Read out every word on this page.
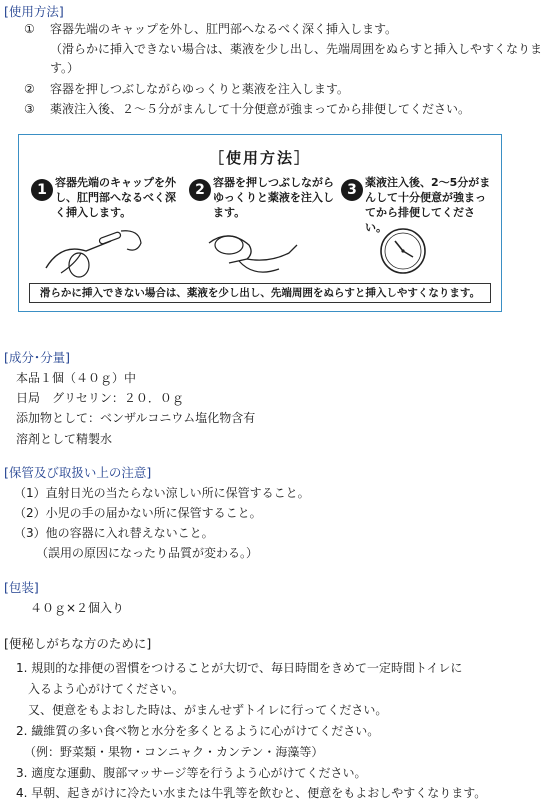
[使用方法]
① 容器先端のキャップを外し、肛門部へなるべく深く挿入します。
（滑らかに挿入できない場合は、薬液を少し出し、先端周囲をぬらすと挿入しやすくなりま
す。）
② 容器を押しつぶしながらゆっくりと薬液を注入します。
③ 薬液注入後、２～５分がまんして十分便意が強まってから排便してください。
［使用方法］
1 容器先端のキャップを外し、肛門部へなるべく深く挿入します。
2 容器を押しつぶしながらゆっくりと薬液を注入します。
3 薬液注入後、2～5分がまんして十分便意が強まってから排便してください。
滑らかに挿入できない場合は、薬液を少し出し、先端周囲をぬらすと挿入しやすくなります。
[成分･分量]
本品１個（４０ｇ）中
日局　グリセリン：２０．０ｇ
添加物として：ベンザルコニウム塩化物含有
溶剤として精製水
[保管及び取扱い上の注意]
（1）直射日光の当たらない涼しい所に保管すること。
（2）小児の手の届かない所に保管すること。
（3）他の容器に入れ替えないこと。
（誤用の原因になったり品質が変わる。）
[包装]
４０ｇ×２個入り
[便秘しがちな方のために]
1. 規則的な排便の習慣をつけることが大切で、毎日時間をきめて一定時間トイレに
入るよう心がけてください。
又、便意をもよおした時は、がまんせずトイレに行ってください。
2. 繊維質の多い食べ物と水分を多くとるように心がけてください。
（例：野菜類・果物・コンニャク・カンテン・海藻等）
3. 適度な運動、腹部マッサージ等を行うよう心がけてください。
4. 早朝、起きがけに冷たい水または牛乳等を飲むと、便意をもよおしやすくなります。
